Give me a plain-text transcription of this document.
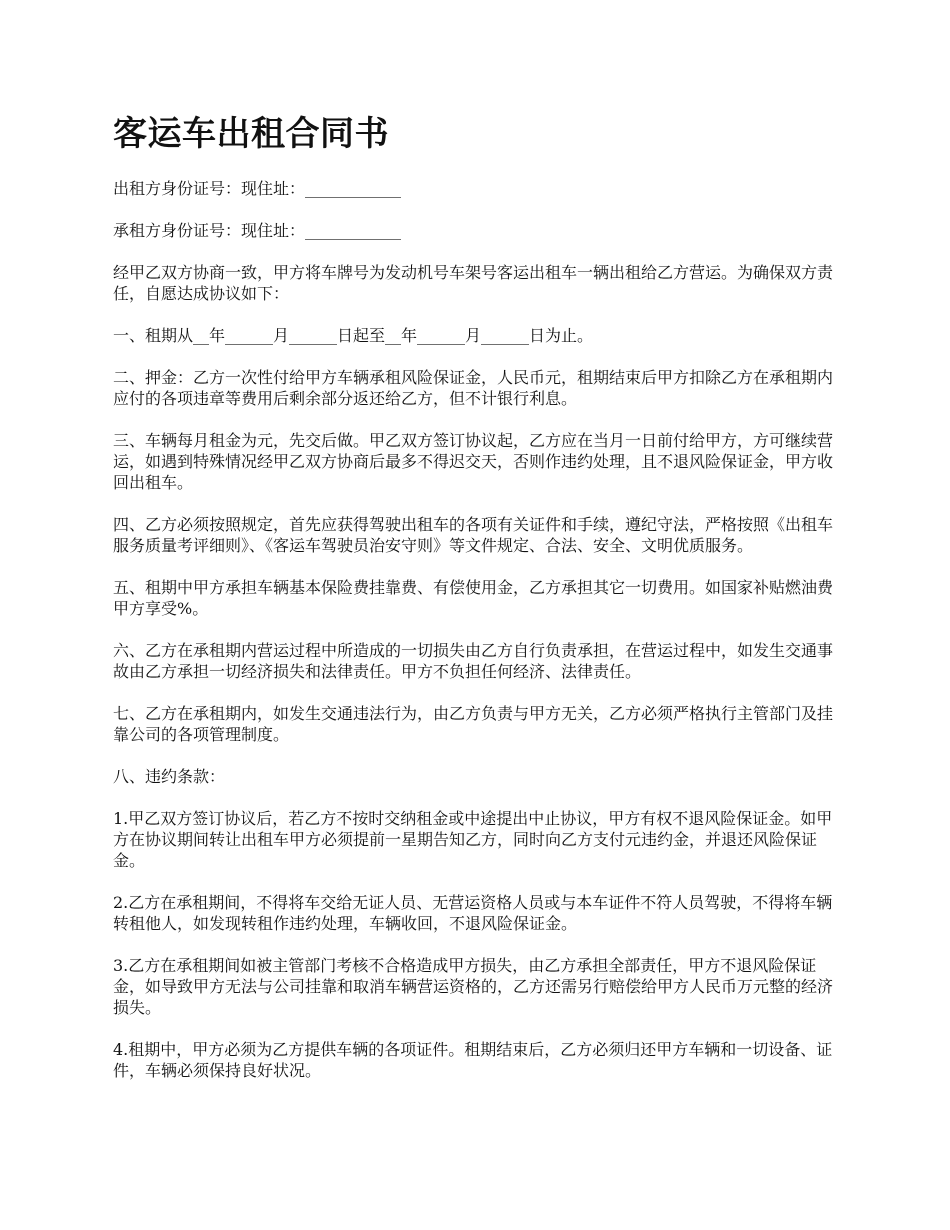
客运车出租合同书

出租方身份证号：现住址：____________

承租方身份证号：现住址：____________

经甲乙双方协商一致，甲方将车牌号为发动机号车架号客运出租车一辆出租给乙方营运。为确保双方责任，自愿达成协议如下：

一、租期从__年______月______日起至__年______月______日为止。

二、押金：乙方一次性付给甲方车辆承租风险保证金，人民币元，租期结束后甲方扣除乙方在承租期内应付的各项违章等费用后剩余部分返还给乙方，但不计银行利息。

三、车辆每月租金为元，先交后做。甲乙双方签订协议起，乙方应在当月一日前付给甲方，方可继续营运，如遇到特殊情况经甲乙双方协商后最多不得迟交天，否则作违约处理，且不退风险保证金，甲方收回出租车。

四、乙方必须按照规定，首先应获得驾驶出租车的各项有关证件和手续，遵纪守法，严格按照《出租车服务质量考评细则》、《客运车驾驶员治安守则》等文件规定、合法、安全、文明优质服务。

五、租期中甲方承担车辆基本保险费挂靠费、有偿使用金，乙方承担其它一切费用。如国家补贴燃油费甲方享受%。

六、乙方在承租期内营运过程中所造成的一切损失由乙方自行负责承担，在营运过程中，如发生交通事故由乙方承担一切经济损失和法律责任。甲方不负担任何经济、法律责任。

七、乙方在承租期内，如发生交通违法行为，由乙方负责与甲方无关，乙方必须严格执行主管部门及挂靠公司的各项管理制度。

八、违约条款：

1.甲乙双方签订协议后，若乙方不按时交纳租金或中途提出中止协议，甲方有权不退风险保证金。如甲方在协议期间转让出租车甲方必须提前一星期告知乙方，同时向乙方支付元违约金，并退还风险保证金。

2.乙方在承租期间，不得将车交给无证人员、无营运资格人员或与本车证件不符人员驾驶，不得将车辆转租他人，如发现转租作违约处理，车辆收回，不退风险保证金。

3.乙方在承租期间如被主管部门考核不合格造成甲方损失，由乙方承担全部责任，甲方不退风险保证金，如导致甲方无法与公司挂靠和取消车辆营运资格的，乙方还需另行赔偿给甲方人民币万元整的经济损失。

4.租期中，甲方必须为乙方提供车辆的各项证件。租期结束后，乙方必须归还甲方车辆和一切设备、证件，车辆必须保持良好状况。
